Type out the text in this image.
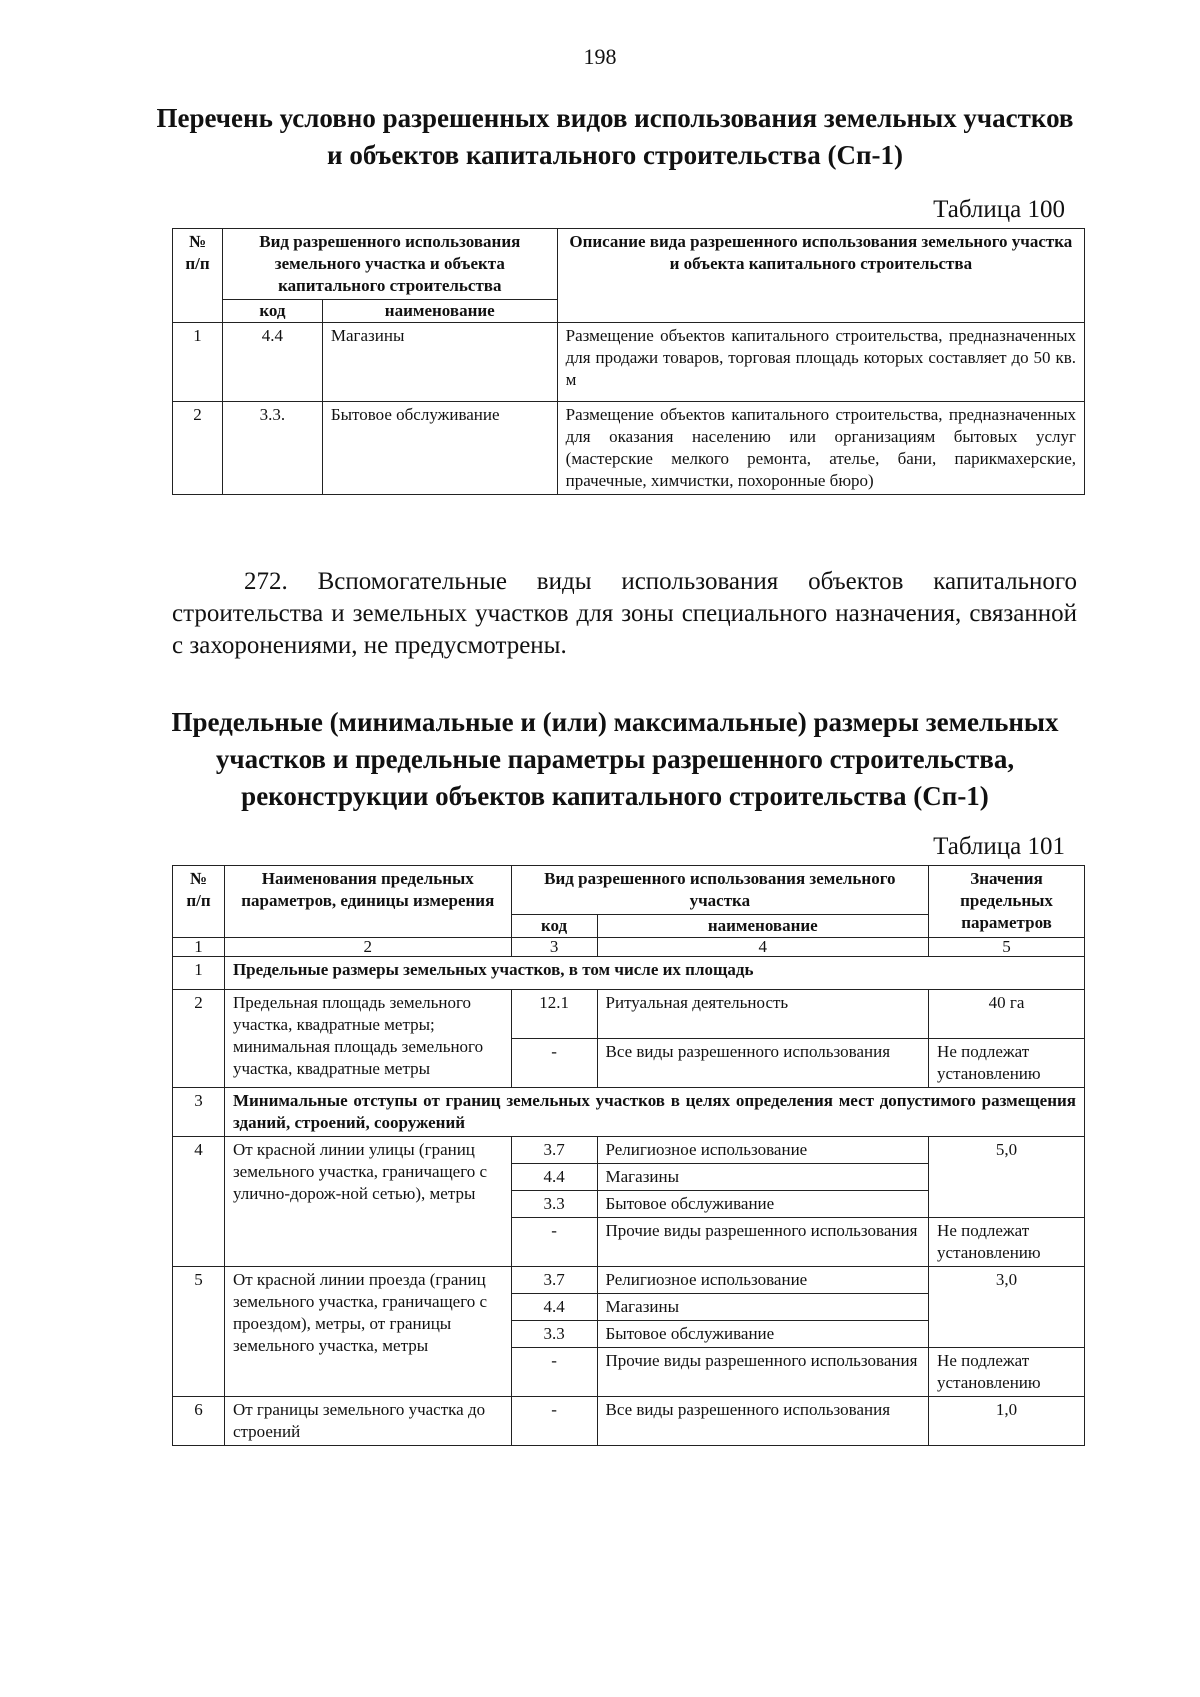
198
Перечень условно разрешенных видов использования земельных участков
и объектов капитального строительства (Сп-1)
Таблица 100
№ п/п	Вид разрешенного использования земельного участка и объекта капитального строительства		Описание вида разрешенного использования земельного участка и объекта капитального строительства
	код	наименование	
1	4.4	Магазины	Размещение объектов капитального строительства, предназначенных для продажи товаров, торговая площадь которых составляет до 50 кв. м
2	3.3.	Бытовое обслуживание	Размещение объектов капитального строительства, предназначенных для оказания населению или организациям бытовых услуг (мастерские мелкого ремонта, ателье, бани, парикмахерские, прачечные, химчистки, похоронные бюро)
272. Вспомогательные виды использования объектов капитального строительства и земельных участков для зоны специального назначения, связанной с захоронениями, не предусмотрены.
Предельные (минимальные и (или) максимальные) размеры земельных
участков и предельные параметры разрешенного строительства,
реконструкции объектов капитального строительства (Сп-1)
Таблица 101
№ п/п	Наименования предельных параметров, единицы измерения	Вид разрешенного использования земельного участка		Значения предельных параметров
		код	наименование	
1	2	3	4	5
1	Предельные размеры земельных участков, в том числе их площадь			
2	Предельная площадь земельного участка, квадратные метры; минимальная площадь земельного участка, квадратные метры	12.1	Ритуальная деятельность	40 га
		-	Все виды разрешенного использования	Не подлежат установлению
3	Минимальные отступы от границ земельных участков в целях определения мест допустимого размещения зданий, строений, сооружений			
4	От красной линии улицы (границ земельного участка, граничащего с улично-дорож-ной сетью), метры	3.7	Религиозное использование	5,0
		4.4	Магазины	
		3.3	Бытовое обслуживание	
		-	Прочие виды разрешенного использования	Не подлежат установлению
5	От красной линии проезда (границ земельного участка, граничащего с проездом), метры, от границы земельного участка, метры	3.7	Религиозное использование	3,0
		4.4	Магазины	
		3.3	Бытовое обслуживание	
		-	Прочие виды разрешенного использования	Не подлежат установлению
6	От границы земельного участка до строений	-	Все виды разрешенного использования	1,0
